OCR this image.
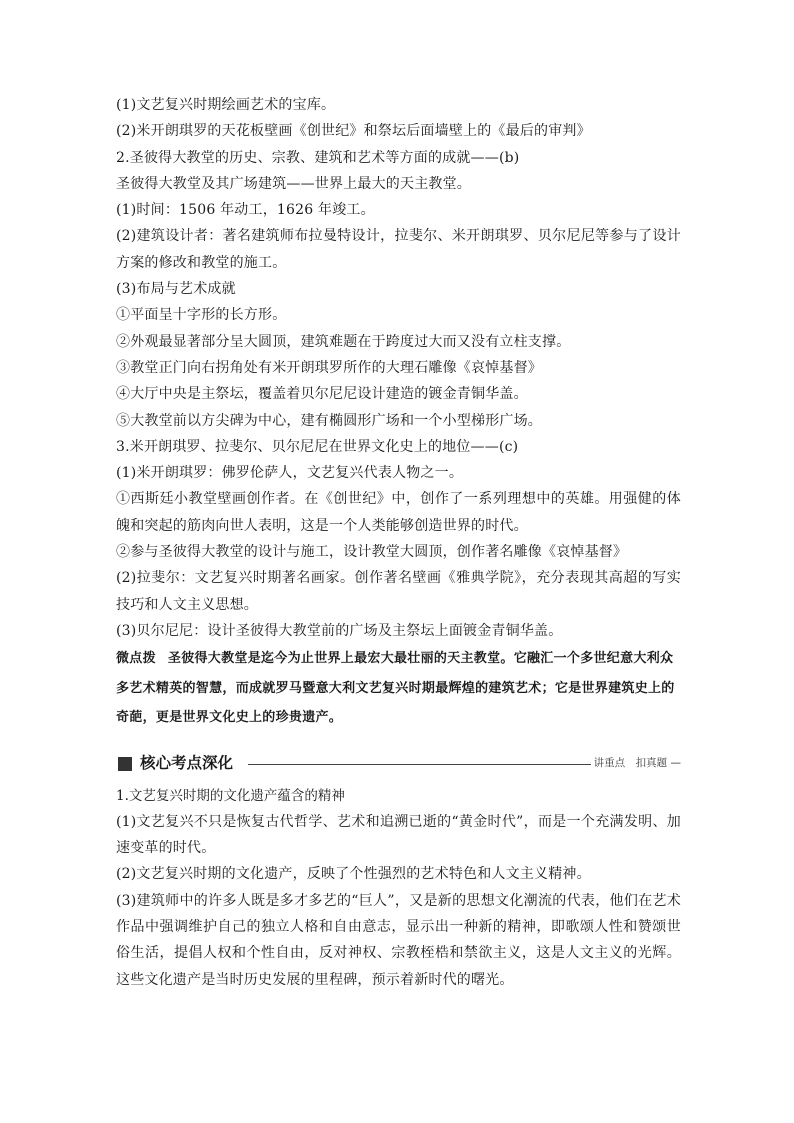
(1)文艺复兴时期绘画艺术的宝库。
(2)米开朗琪罗的天花板壁画《创世纪》和祭坛后面墙壁上的《最后的审判》
2.圣彼得大教堂的历史、宗教、建筑和艺术等方面的成就——(b)
圣彼得大教堂及其广场建筑——世界上最大的天主教堂。
(1)时间：1506 年动工，1626 年竣工。
(2)建筑设计者：著名建筑师布拉曼特设计，拉斐尔、米开朗琪罗、贝尔尼尼等参与了设计方案的修改和教堂的施工。
(3)布局与艺术成就
①平面呈十字形的长方形。
②外观最显著部分呈大圆顶，建筑难题在于跨度过大而又没有立柱支撑。
③教堂正门向右拐角处有米开朗琪罗所作的大理石雕像《哀悼基督》
④大厅中央是主祭坛，覆盖着贝尔尼尼设计建造的镀金青铜华盖。
⑤大教堂前以方尖碑为中心，建有椭圆形广场和一个小型梯形广场。
3.米开朗琪罗、拉斐尔、贝尔尼尼在世界文化史上的地位——(c)
(1)米开朗琪罗：佛罗伦萨人，文艺复兴代表人物之一。
①西斯廷小教堂壁画创作者。在《创世纪》中，创作了一系列理想中的英雄。用强健的体魄和突起的筋肉向世人表明，这是一个人类能够创造世界的时代。
②参与圣彼得大教堂的设计与施工，设计教堂大圆顶，创作著名雕像《哀悼基督》
(2)拉斐尔：文艺复兴时期著名画家。创作著名壁画《雅典学院》，充分表现其高超的写实技巧和人文主义思想。
(3)贝尔尼尼：设计圣彼得大教堂前的广场及主祭坛上面镀金青铜华盖。
微点拨 圣彼得大教堂是迄今为止世界上最宏大最壮丽的天主教堂。它融汇一个多世纪意大利众多艺术精英的智慧，而成就罗马暨意大利文艺复兴时期最辉煌的建筑艺术；它是世界建筑史上的奇葩，更是世界文化史上的珍贵遗产。
核心考点深化	讲重点　扣真题 —
1.文艺复兴时期的文化遗产蕴含的精神
(1)文艺复兴不只是恢复古代哲学、艺术和追溯已逝的“黄金时代”，而是一个充满发明、加速变革的时代。
(2)文艺复兴时期的文化遗产，反映了个性强烈的艺术特色和人文主义精神。
(3)建筑师中的许多人既是多才多艺的“巨人”，又是新的思想文化潮流的代表，他们在艺术作品中强调维护自己的独立人格和自由意志，显示出一种新的精神，即歌颂人性和赞颂世俗生活，提倡人权和个性自由，反对神权、宗教桎梏和禁欲主义，这是人文主义的光辉。这些文化遗产是当时历史发展的里程碑，预示着新时代的曙光。
